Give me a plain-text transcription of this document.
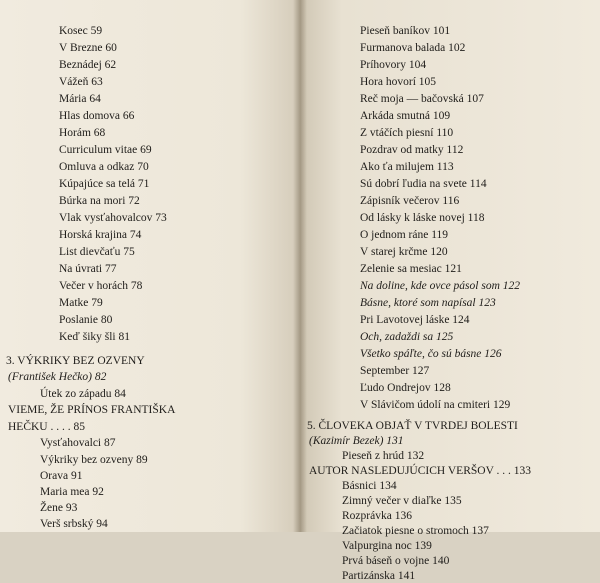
Kosec 59
V Brezne 60
Beznádej 62
Vážeň 63
Mária 64
Hlas domova 66
Horám 68
Curriculum vitae 69
Omluva a odkaz 70
Kúpajúce sa telá 71
Búrka na mori 72
Vlak vysťahovalcov 73
Horská krajina 74
List dievčaťu 75
Na úvrati 77
Večer v horách 78
Matke 79
Poslanie 80
Keď šiky šli 81
3. VÝKRIKY BEZ OZVENY
(František Hečko) 82
Útek zo západu 84
VIEME, ŽE PRÍNOS FRANTIŠKA
HEČKU . . . . 85
Vysťahovalci 87
Výkriky bez ozveny 89
Orava 91
Maria mea 92
Žene 93
Verš srbský 94
Pieseň baníkov 101
Furmanova balada 102
Príhovory 104
Hora hovorí 105
Reč moja — bačovská 107
Arkáda smutná 109
Z vtáčích piesní 110
Pozdrav od matky 112
Ako ťa milujem 113
Sú dobrí ľudia na svete 114
Zápisník večerov 116
Od lásky k láske novej 118
O jednom ráne 119
V starej krčme 120
Zelenie sa mesiac 121
Na doline, kde ovce pásol som 122
Básne, ktoré som napísal 123
Pri Lavotovej láske 124
Och, zadaždi sa 125
Všetko spáľte, čo sú básne 126
September 127
Ľudo Ondrejov 128
V Slávičom údolí na cmiteri 129
5. ČLOVEKA OBJAŤ V TVRDEJ BOLESTI
(Kazimír Bezek) 131
Pieseň z hrúd 132
AUTOR NASLEDUJÚCICH VERŠOV . . . 133
Básnici 134
Zimný večer v diaľke 135
Rozprávka 136
Začiatok piesne o stromoch 137
Valpurgina noc 139
Prvá báseň o vojne 140
Partizánska 141
